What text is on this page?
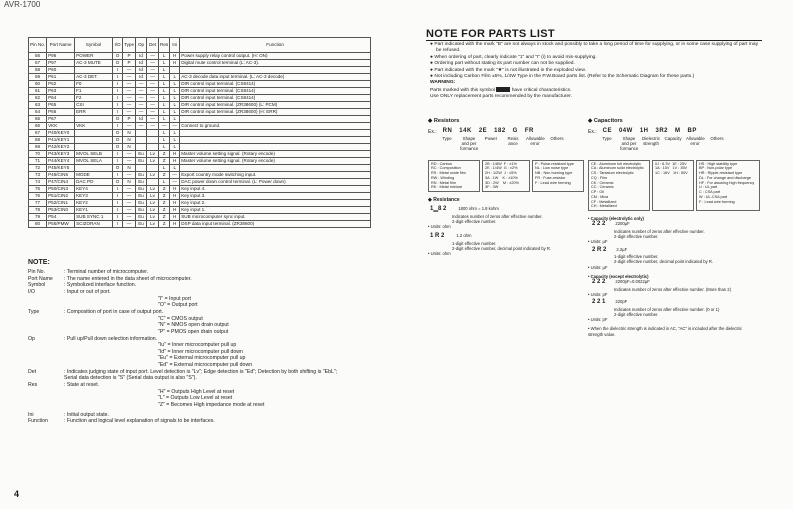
AVR-1700
Pin No.	Port Name	Symbol	I/O	Type	Op	Det	Res	Ini	Function
56	P96	POWER	O	P	Id	—	L	H	Power supply relay control output. (H: ON)
57	P97	AC-3 MUTE	O	P	Id	—	L	H	Digital mute control terminal (L: AC-3).
58	P60		I	—	Id	—	L		
59	P61	AC-3 DET.	I	—	Id	—	L	L	AC-3 decode data input terminal. (L: AC-3 decode)
60	P62	F0	I	—	—	—	L	L	DIR control input terminal. (CS8414)
61	P63	F1	I	—	—	—	L	L	DIR control input terminal. (CS8414)
62	P64	F2	I	—	—	—	L	L	DIR control input terminal. (CS8414)
63	P65	CSI	I	—	—	—	L	L	DIR control input terminal. (ZR38600) (L: PCM)
64	P66	ERR	I	—	—	—	L	L	DIR control input terminal. (ZR38600) (H: ERR)
65	P67		O	P	Id	—	L	L	
66	VKK	VKK	I	—	—	—	—	—	Connect to ground.
67	P40/KEY0		O	N			L	L	
68	P41/KEY1		O	N			L	L	
69	P42/KEY2		O	N			L	L	
70	P43/KEY3	MVOL SELB	I	—	Eu	Lv	Z	H	Master volume setting signal. (Rotary encode)
71	P44/KEY4	MVOL SELA	I	—	Eu	Lv	Z	H	Master volume setting signal. (Rotary encode)
72	P45/KEY5		O	N			L	L	
73	P46/CIN5	MODE	I	—	Eu	Lv	Z	—	Export country mode switching input.
74	P47/CIN4	DAC PD	O	N	Eu		L	—	DAC power down control terminal. (L: Power down)
75	P50/CIN3	KEY4	I	—	Eu	Lv	Z	H	Key input 4.
76	P51/CIN2	KEY3	I	—	Eu	Lv	Z	H	Key input 3.
77	P52/CIN1	KEY2	I	—	Eu	Lv	Z	H	Key input 2.
78	P53/CIN0	KEY1	I	—	Eu	Lv	Z	H	Key input 1.
79	P54	SUB SYNC 1	I	—	Eu	Lv	Z	H	SUB microcomputer sync input.
80	P55/PMW	SCIZORAN	I	—	Eu	Lv	Z	H	DSP data input terminal. (ZR38600)
NOTE:
Pin No.	: Terminal number of microcomputer.
Port Name	: The name entered in the data sheet of microcomputer.
Symbol	: Symbolized interface function.
I/O	: Input or out of port.
"I" = Input port
"O" = Output port
Type	: Composition of port in case of output port.
"C" = CMOS output
"N" = NMOS open drain output
"P" = PMOS open drain output
Op	: Pull up/Pull down selection information.
"Iu" = Inner microcomputer pull up
"Id" = Inner microcomputer pull down
"Eu" = External microcomputer pull up
"Ed" = External microcomputer pull down
Det	: Indicates judging state of input port. Level detection is "Lv"; Edge detection is "Ed"; Detection by both shifting is "EbL";
Serial data detection is "S" (Serial data output is also "S").
Res	: State at reset.
"H" = Outputs High Level at reset
"L" = Outputs Low Level at reset
"Z" = Becomes High impedance mode at reset
Ini	: Initial output state.
Function	: Function and logical level explanation of signals to be interfaces.
4
NOTE FOR PARTS LIST
● Part indicated with the mark "B" are not always in stock and possibly to take a long period of time for supplying, or in some case supplying of part may be refused.
● When ordering of part, clearly indicate "1" and "I" (i) to avoid mis-supplying.
● Ordering part without stating its part number can not be supplied.
● Part indicated with the mark "★" is not illustrated in the exploded view.
● Not including Carbon Film ±5%, 1/4W Type in the P.W.Board parts list. (Refer to the Schematic Diagram for these parts.)
WARNING:
Parts marked with this symbol	have critical characteristics.
Use ONLY replacement parts recommended by the manufacturer.
◆ Resistors
Ex.: RN 14K 2E 182 G FR
Type	Shape and per formance
Power	Resis ance
Allowable error
Others
RD : Carbon
RC : Composition
RS : Metal oxide film
RW : Winding
RN : Metal film
RK : Metal mixture
2B : 1/8W  F : ±1%
2E : 1/4W  G : ±2%
2H : 1/2W  J : ±5%
3A : 1W    K : ±10%
3D : 2W    M : ±20%
3F : 3W
P : Pulse-resistant type
NL : Low noise type
NB : Non burning type
FR : Fuse-resistor
F : Lead wire forming
◆ Resistance
1▁8 2	1800 ohm = 1.8 kohm
Indicates number of zeros after effective number.
2-digit effective number.
• Units: ohm
1 R 2	1.2 ohm
1-digit effective number.
2-digit effective number, decimal point indicated by R.
• Units: ohm
◆ Capacitors
Ex.: CE 04W 1H 3R2 M BP
Type	Shape and per formance
Dielectric strength
Capacity Allowable error
Others
CE : Aluminum foil electrolytic
CA : Aluminum solid electrolytic
CS : Tantalum electrolytic
CQ : Film
CK : Ceramic
CC : Ceramic
CP : Oil
CM : Mica
CF : Metallized
CH : Metallized
0J : 6.3V  1E : 25V
1A : 10V   1V : 35V
1C : 16V   1H : 50V
HS : High stability type
BP : Non-polar type
HR : Ripple-resistant type
DL : For change and discharge
HF : For assuring high frequency
U : UL part
C : CSA part
W : UL-CSA part
F : Lead wire forming
• Capacity (electrolytic only)
2 2 2 2200µF
Indicates number of zeros after effective number.
2-digit effective number.
• Units: µF
2 R 2 2.2µF
1-digit effective number.
2-digit effective number, decimal point indicated by R.
• Units: µF
• Capacity (except electrolytic)
2 2 2 2200pF=0.0022µF
Indicates number of zeros after effective number. (More than 2)
• Units: pF
2 2 1 220pF
Indicates number of zeros after effective number. (0 or 1)
2-digit effective number.
• Units: pF
• When the dielectric strength is indicated in AC, "AC" is included after the dielectric strength value.
